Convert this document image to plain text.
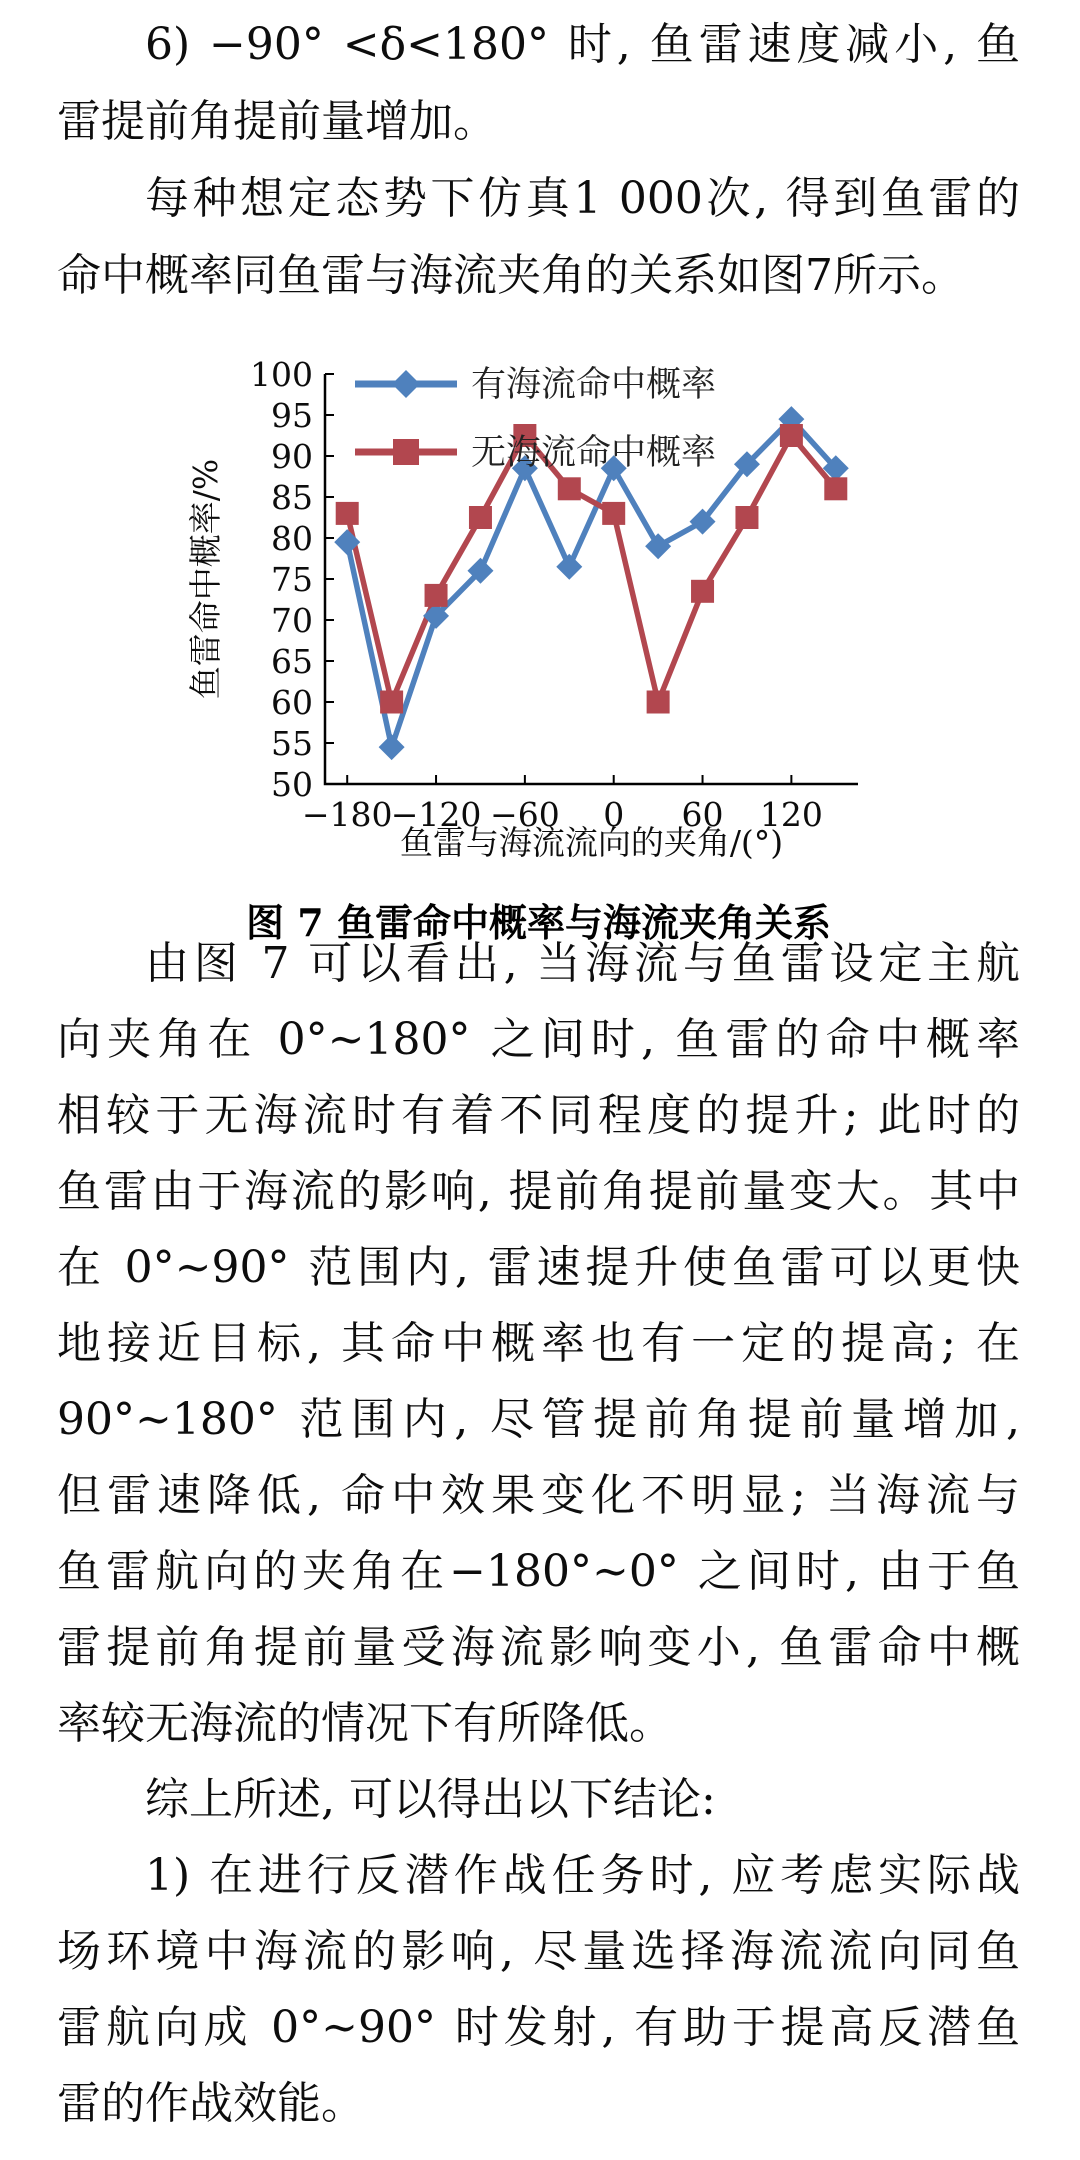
6) −90° <δ<180° 时, 鱼雷速度减小, 鱼
雷提前角提前量增加。
每种想定态势下仿真1 000次, 得到鱼雷的
命中概率同鱼雷与海流夹角的关系如图7所示。
50
55
60
65
70
75
80
85
90
95
100
−180
−120 −60 0 60 120
鱼雷与海流流向的夹角/(°)
鱼雷命中概率/%
有海流命中概率
无海流命中概率
图 7 鱼雷命中概率与海流夹角关系
由图 7 可以看出, 当海流与鱼雷设定主航
向夹角在 0°~180° 之间时, 鱼雷的命中概率
相较于无海流时有着不同程度的提升; 此时的
鱼雷由于海流的影响, 提前角提前量变大。其中
在 0°~90° 范围内, 雷速提升使鱼雷可以更快
地接近目标, 其命中概率也有一定的提高; 在
90°~180° 范围内, 尽管提前角提前量增加,
但雷速降低, 命中效果变化不明显; 当海流与
鱼雷航向的夹角在−180°~0° 之间时, 由于鱼
雷提前角提前量受海流影响变小, 鱼雷命中概
率较无海流的情况下有所降低。
综上所述, 可以得出以下结论:
1) 在进行反潜作战任务时, 应考虑实际战
场环境中海流的影响, 尽量选择海流流向同鱼
雷航向成 0°~90° 时发射, 有助于提高反潜鱼
雷的作战效能。
